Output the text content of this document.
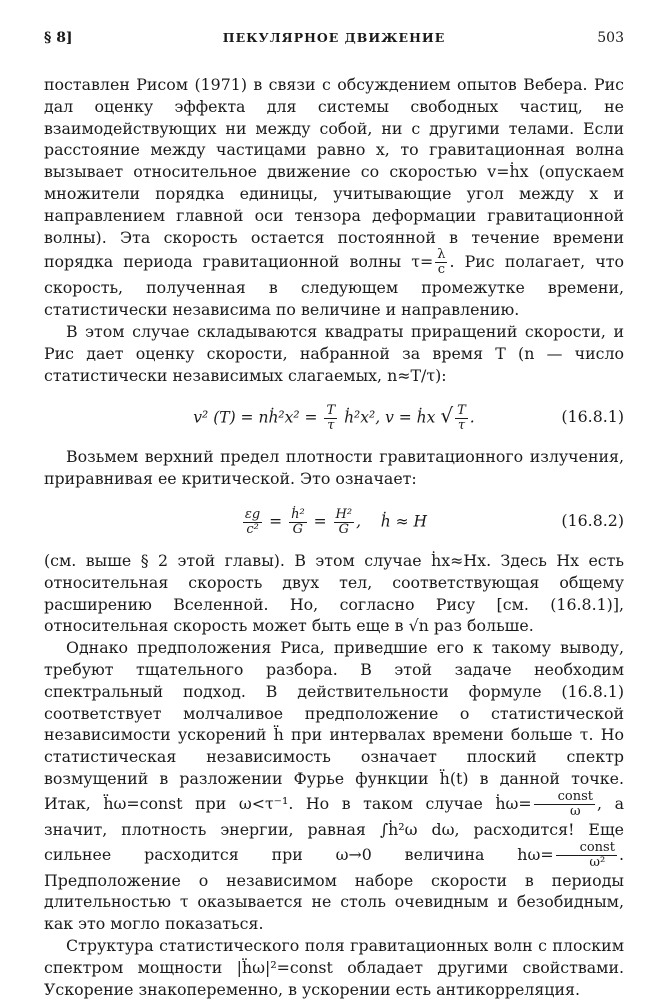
§ 8]	ПЕКУЛЯРНОЕ ДВИЖЕНИЕ	503

поставлен Рисом (1971) в связи с обсуждением опытов Вебера. Рис дал оценку эффекта для системы свободных частиц, не взаимодействующих ни между собой, ни с другими телами. Если расстояние между частицами равно x, то гравитационная волна вызывает относительное движение со скоростью v=ḣx (опускаем множители порядка единицы, учитывающие угол между x и направлением главной оси тензора деформации гравитационной волны). Эта скорость остается постоянной в течение времени порядка периода гравитационной волны $\tau= \frac{\lambda}{c}$ . Рис полагает, что скорость, полученная в следующем промежутке времени, статистически независима по величине и направлению.

В этом случае складываются квадраты приращений скорости, и Рис дает оценку скорости, набранной за время T (n — число статистически независимых слагаемых, n≈T/τ):

v² (T) = nḣ²x² = $\frac{T}{\tau}$ ḣ²x², v = ḣx √ $\frac{T}{\tau}$ .	(16.8.1)

Возьмем верхний предел плотности гравитационного излучения, приравнивая ее критической. Это означает:

$\frac{\varepsilon g}{\text{c²}} = \frac{\text{ḣ²}}{G} = \frac{\text{H²}}{G}$ ,    ḣ ≈ H	(16.8.2)

(см. выше § 2 этой главы). В этом случае ḣx≈Hx. Здесь Hx есть относительная скорость двух тел, соответствующая общему расширению Вселенной. Но, согласно Рису [см. (16.8.1)], относительная скорость может быть еще в √n раз больше.

Однако предположения Риса, приведшие его к такому выводу, требуют тщательного разбора. В этой задаче необходим спектральный подход. В действительности формуле (16.8.1) соответствует молчаливое предположение о статистической независимости ускорений ḧ при интервалах времени больше τ. Но статистическая независимость означает плоский спектр возмущений в разложении Фурье функции ḧ(t) в данной точке. Итак, ḧω=const при ω<τ⁻¹. Но в таком случае ḣω= $\frac{\text{const}}{\omega}$ , а значит, плотность энергии, равная ∫ḣ²ω dω, расходится! Еще сильнее расходится при ω→0 величина $h\omega= \frac{\text{const}}{\text{ω²}}$ . Предположение о независимом наборе скорости в периоды длительностью τ оказывается не столь очевидным и безобидным, как это могло показаться.

Структура статистического поля гравитационных волн с плоским спектром мощности |ḧω|²=const обладает другими свойствами. Ускорение знакопеременно, в ускорении есть антикорреляция.
